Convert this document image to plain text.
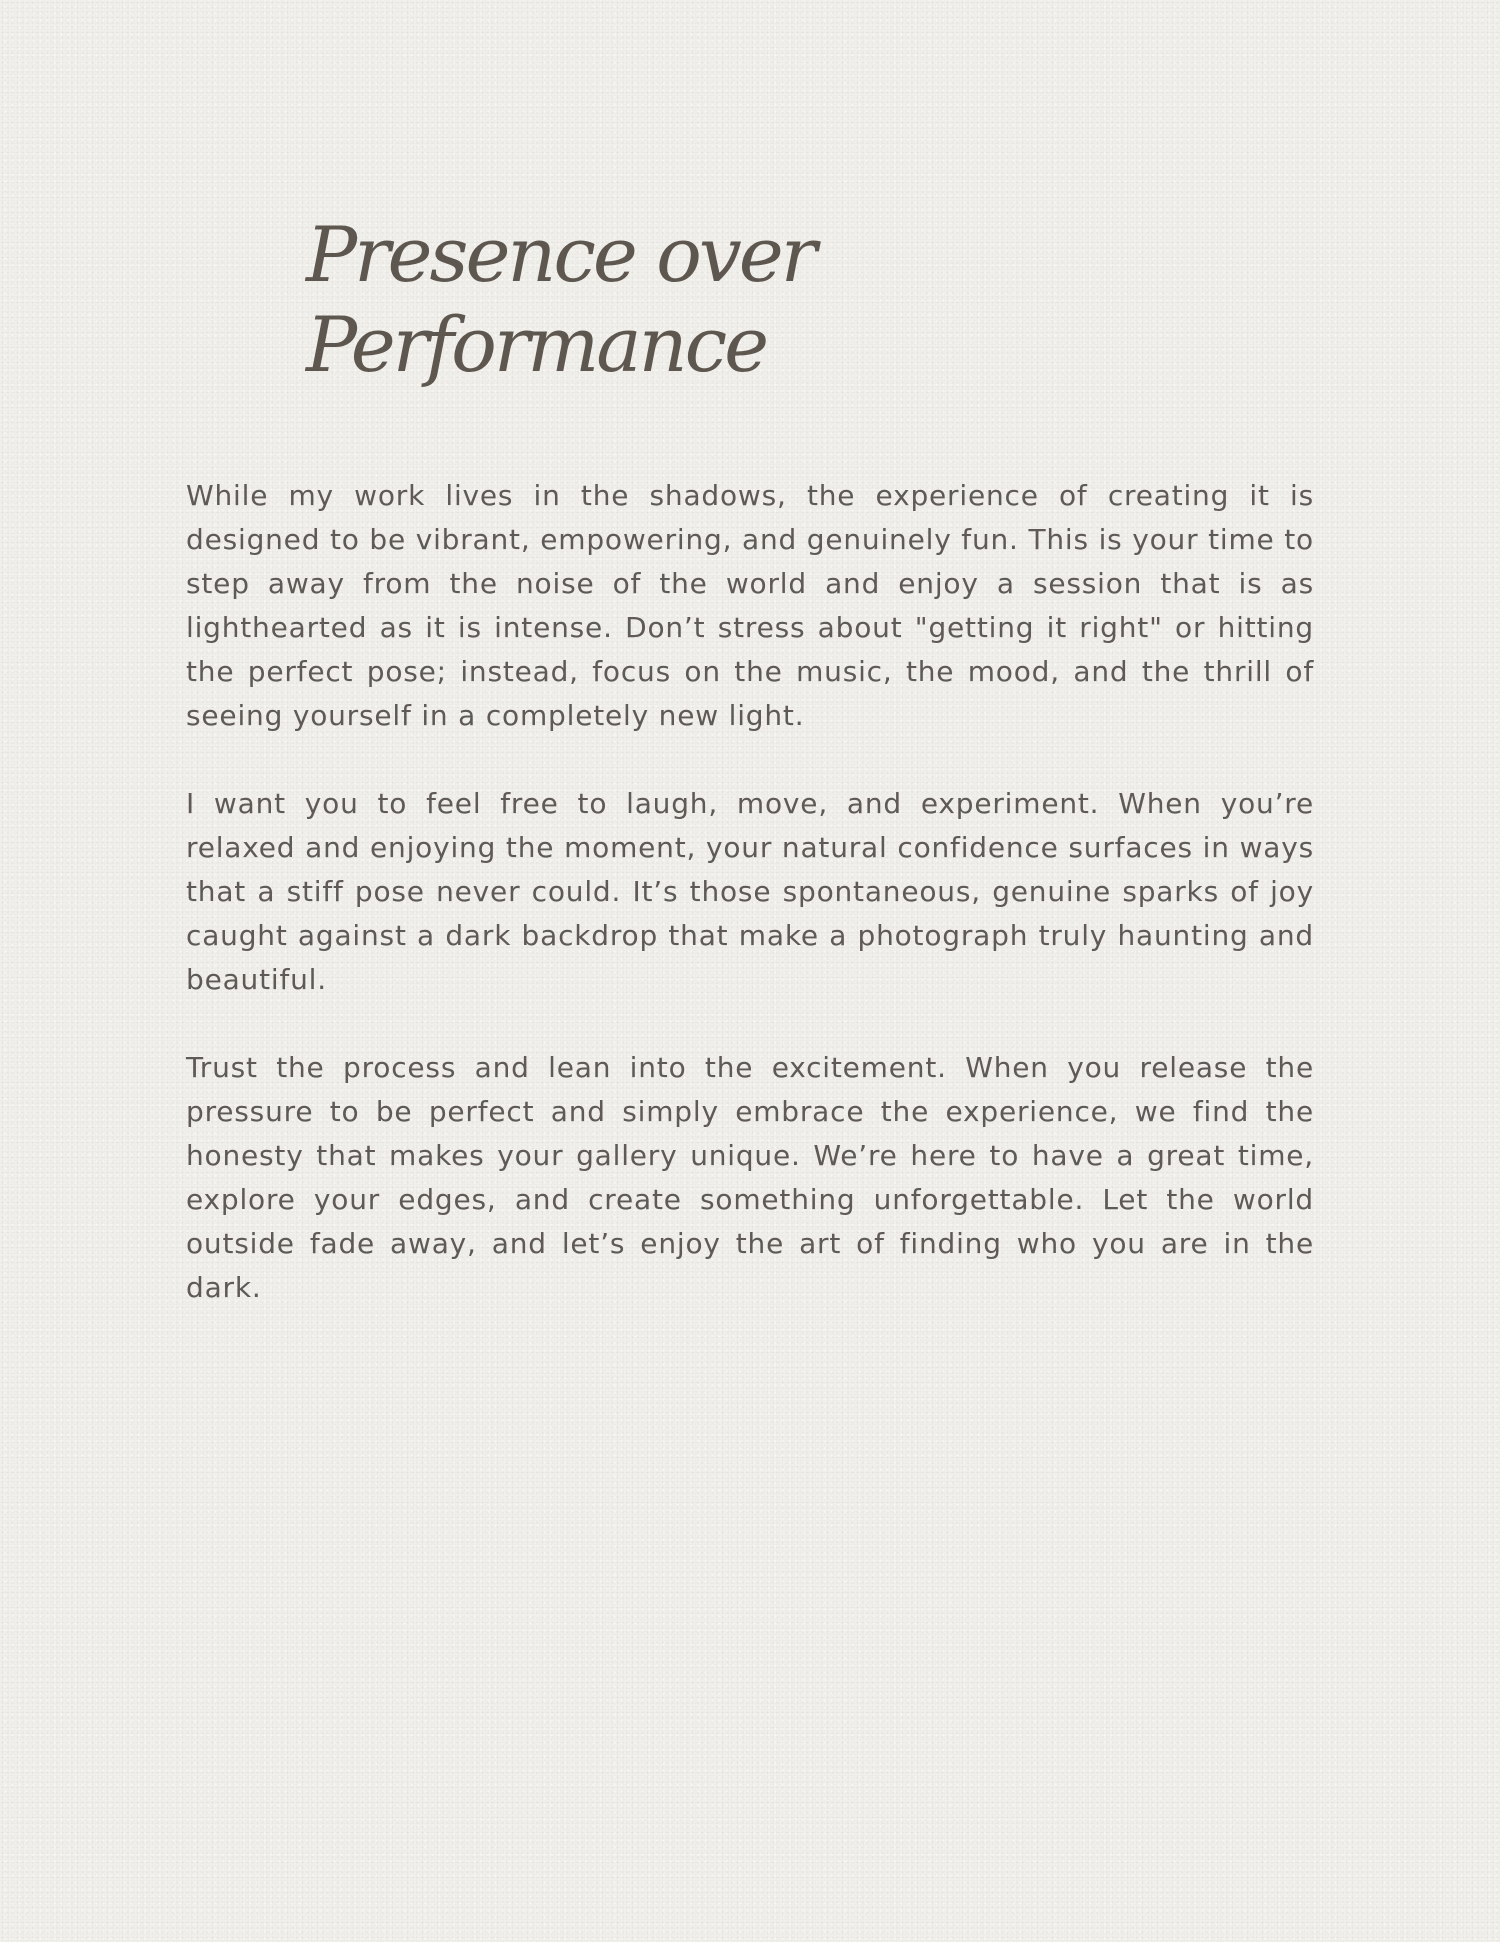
Presence over
Performance

While my work lives in the shadows, the experience of creating it is designed to be vibrant, empowering, and genuinely fun. This is your time to step away from the noise of the world and enjoy a session that is as lighthearted as it is intense. Don’t stress about "getting it right" or hitting the perfect pose; instead, focus on the music, the mood, and the thrill of seeing yourself in a completely new light.

I want you to feel free to laugh, move, and experiment. When you’re relaxed and enjoying the moment, your natural confidence surfaces in ways that a stiff pose never could. It’s those spontaneous, genuine sparks of joy caught against a dark backdrop that make a photograph truly haunting and beautiful.

Trust the process and lean into the excitement. When you release the pressure to be perfect and simply embrace the experience, we find the honesty that makes your gallery unique. We’re here to have a great time, explore your edges, and create something unforgettable. Let the world outside fade away, and let’s enjoy the art of finding who you are in the dark.
